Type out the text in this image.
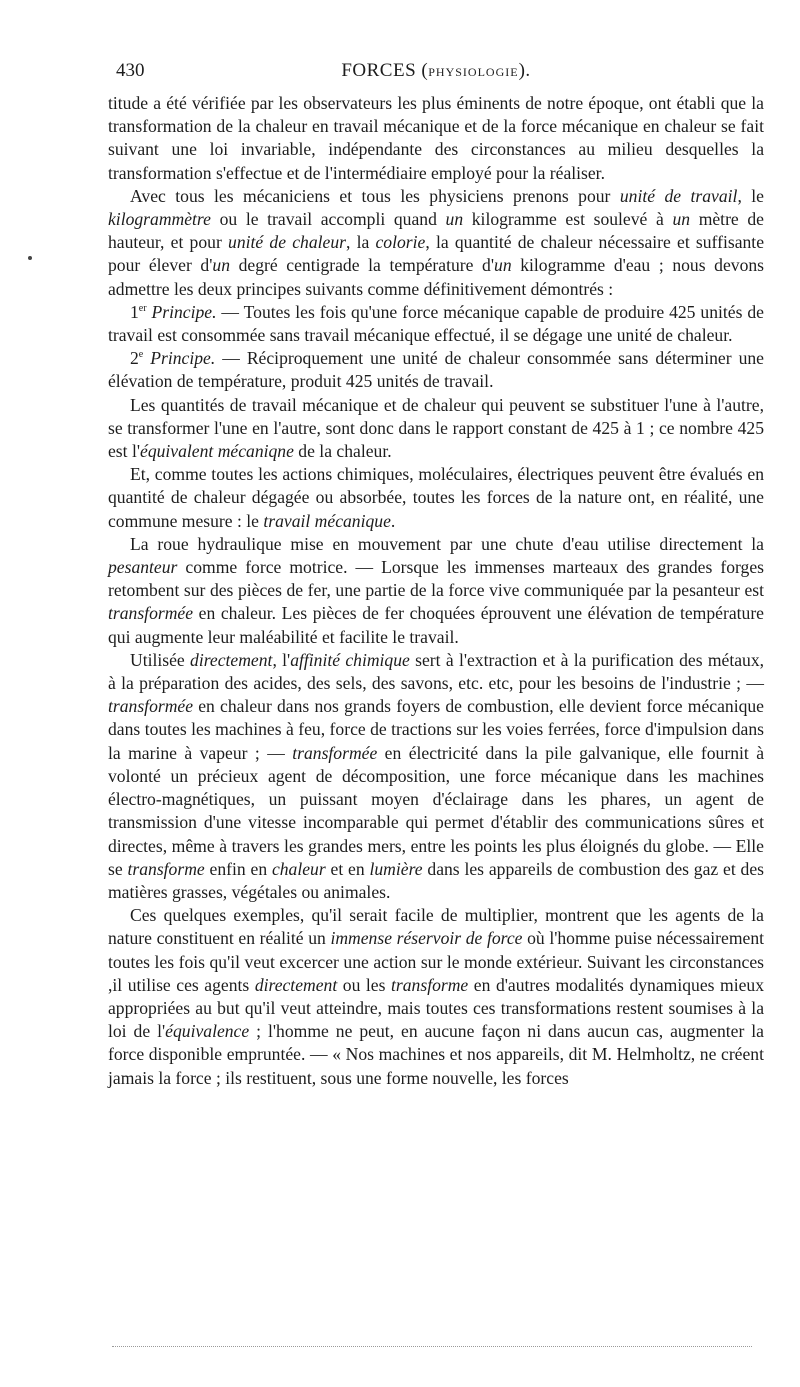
430	FORCES (PHYSIOLOGIE).

titude a été vérifiée par les observateurs les plus éminents de notre époque, ont établi que la transformation de la chaleur en travail mécanique et de la force mécanique en chaleur se fait suivant une loi invariable, indépendante des circonstances au milieu desquelles la transformation s'effectue et de l'intermédiaire employé pour la réaliser.

Avec tous les mécaniciens et tous les physiciens prenons pour unité de travail, le kilogrammètre ou le travail accompli quand un kilogramme est soulevé à un mètre de hauteur, et pour unité de chaleur, la colorie, la quantité de chaleur nécessaire et suffisante pour élever d'un degré centigrade la température d'un kilogramme d'eau ; nous devons admettre les deux principes suivants comme définitivement démontrés :

1er Principe. — Toutes les fois qu'une force mécanique capable de produire 425 unités de travail est consommée sans travail mécanique effectué, il se dégage une unité de chaleur.

2e Principe. — Réciproquement une unité de chaleur consommée sans déterminer une élévation de température, produit 425 unités de travail.

Les quantités de travail mécanique et de chaleur qui peuvent se substituer l'une à l'autre, se transformer l'une en l'autre, sont donc dans le rapport constant de 425 à 1 ; ce nombre 425 est l'équivalent mécaniqne de la chaleur.

Et, comme toutes les actions chimiques, moléculaires, électriques peuvent être évalués en quantité de chaleur dégagée ou absorbée, toutes les forces de la nature ont, en réalité, une commune mesure : le travail mécanique.

La roue hydraulique mise en mouvement par une chute d'eau utilise directement la pesanteur comme force motrice. — Lorsque les immenses marteaux des grandes forges retombent sur des pièces de fer, une partie de la force vive communiquée par la pesanteur est transformée en chaleur. Les pièces de fer choquées éprouvent une élévation de température qui augmente leur maléabilité et facilite le travail.

Utilisée directement, l'affinité chimique sert à l'extraction et à la purification des métaux, à la préparation des acides, des sels, des savons, etc. etc, pour les besoins de l'industrie ; — transformée en chaleur dans nos grands foyers de combustion, elle devient force mécanique dans toutes les machines à feu, force de tractions sur les voies ferrées, force d'impulsion dans la marine à vapeur ; — transformée en électricité dans la pile galvanique, elle fournit à volonté un précieux agent de décomposition, une force mécanique dans les machines électro-magnétiques, un puissant moyen d'éclairage dans les phares, un agent de transmission d'une vitesse incomparable qui permet d'établir des communications sûres et directes, même à travers les grandes mers, entre les points les plus éloignés du globe. — Elle se transforme enfin en chaleur et en lumière dans les appareils de combustion des gaz et des matières grasses, végétales ou animales.

Ces quelques exemples, qu'il serait facile de multiplier, montrent que les agents de la nature constituent en réalité un immense réservoir de force où l'homme puise nécessairement toutes les fois qu'il veut excercer une action sur le monde extérieur. Suivant les circonstances ,il utilise ces agents directement ou les transforme en d'autres modalités dynamiques mieux appropriées au but qu'il veut atteindre, mais toutes ces transformations restent soumises à la loi de l'équivalence ; l'homme ne peut, en aucune façon ni dans aucun cas, augmenter la force disponible empruntée. — « Nos machines et nos appareils, dit M. Helmholtz, ne créent jamais la force ; ils restituent, sous une forme nouvelle, les forces
